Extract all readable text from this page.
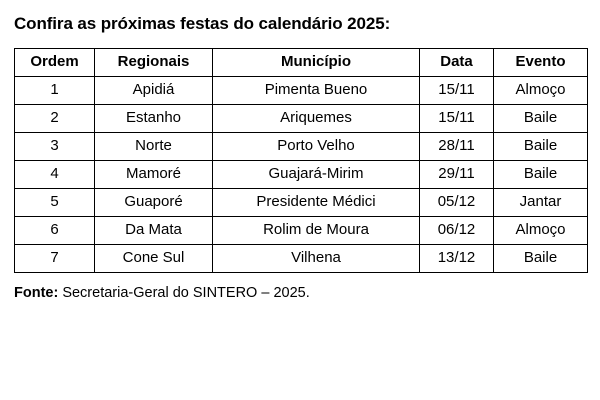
Confira as próximas festas do calendário 2025:
Ordem	Regionais	Município	Data	Evento
1	Apidiá	Pimenta Bueno	15/11	Almoço
2	Estanho	Ariquemes	15/11	Baile
3	Norte	Porto Velho	28/11	Baile
4	Mamoré	Guajará-Mirim	29/11	Baile
5	Guaporé	Presidente Médici	05/12	Jantar
6	Da Mata	Rolim de Moura	06/12	Almoço
7	Cone Sul	Vilhena	13/12	Baile

Fonte: Secretaria-Geral do SINTERO – 2025.
